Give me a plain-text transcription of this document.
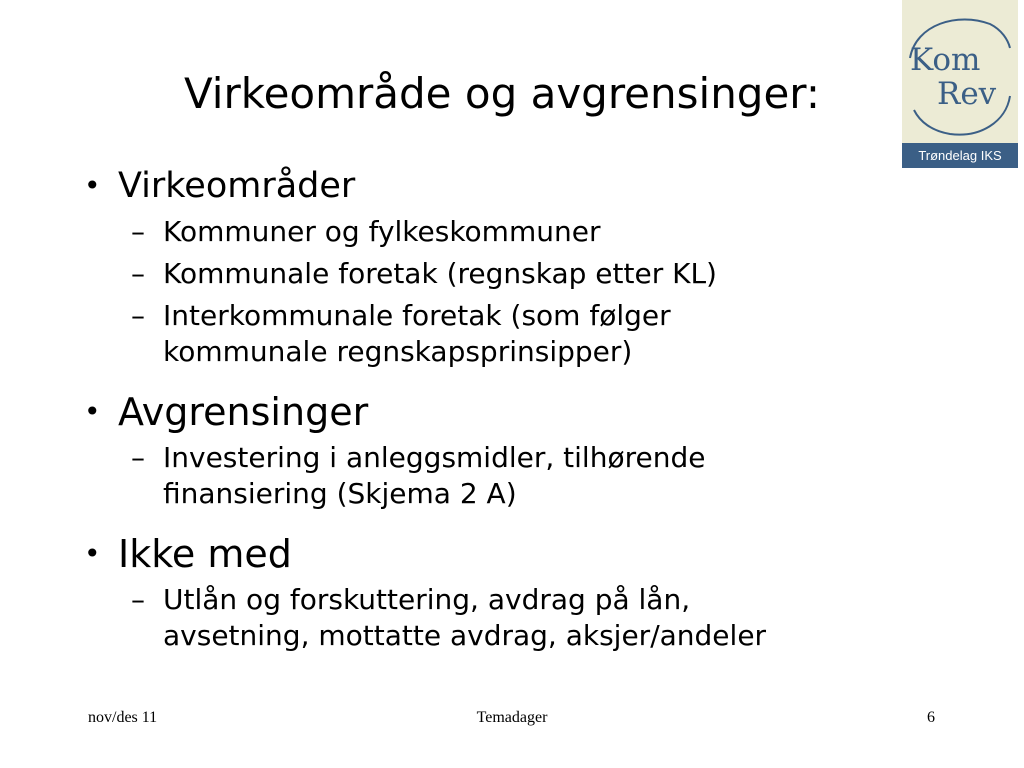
Virkeområde og avgrensinger:
Kom
Rev
Trøndelag IKS
• Virkeområder
– Kommuner og fylkeskommuner
– Kommunale foretak (regnskap etter KL)
– Interkommunale foretak (som følger
kommunale regnskapsprinsipper)
• Avgrensinger
– Investering i anleggsmidler, tilhørende
finansiering (Skjema 2 A)
• Ikke med
– Utlån og forskuttering, avdrag på lån,
avsetning, mottatte avdrag, aksjer/andeler
nov/des 11	Temadager	6
